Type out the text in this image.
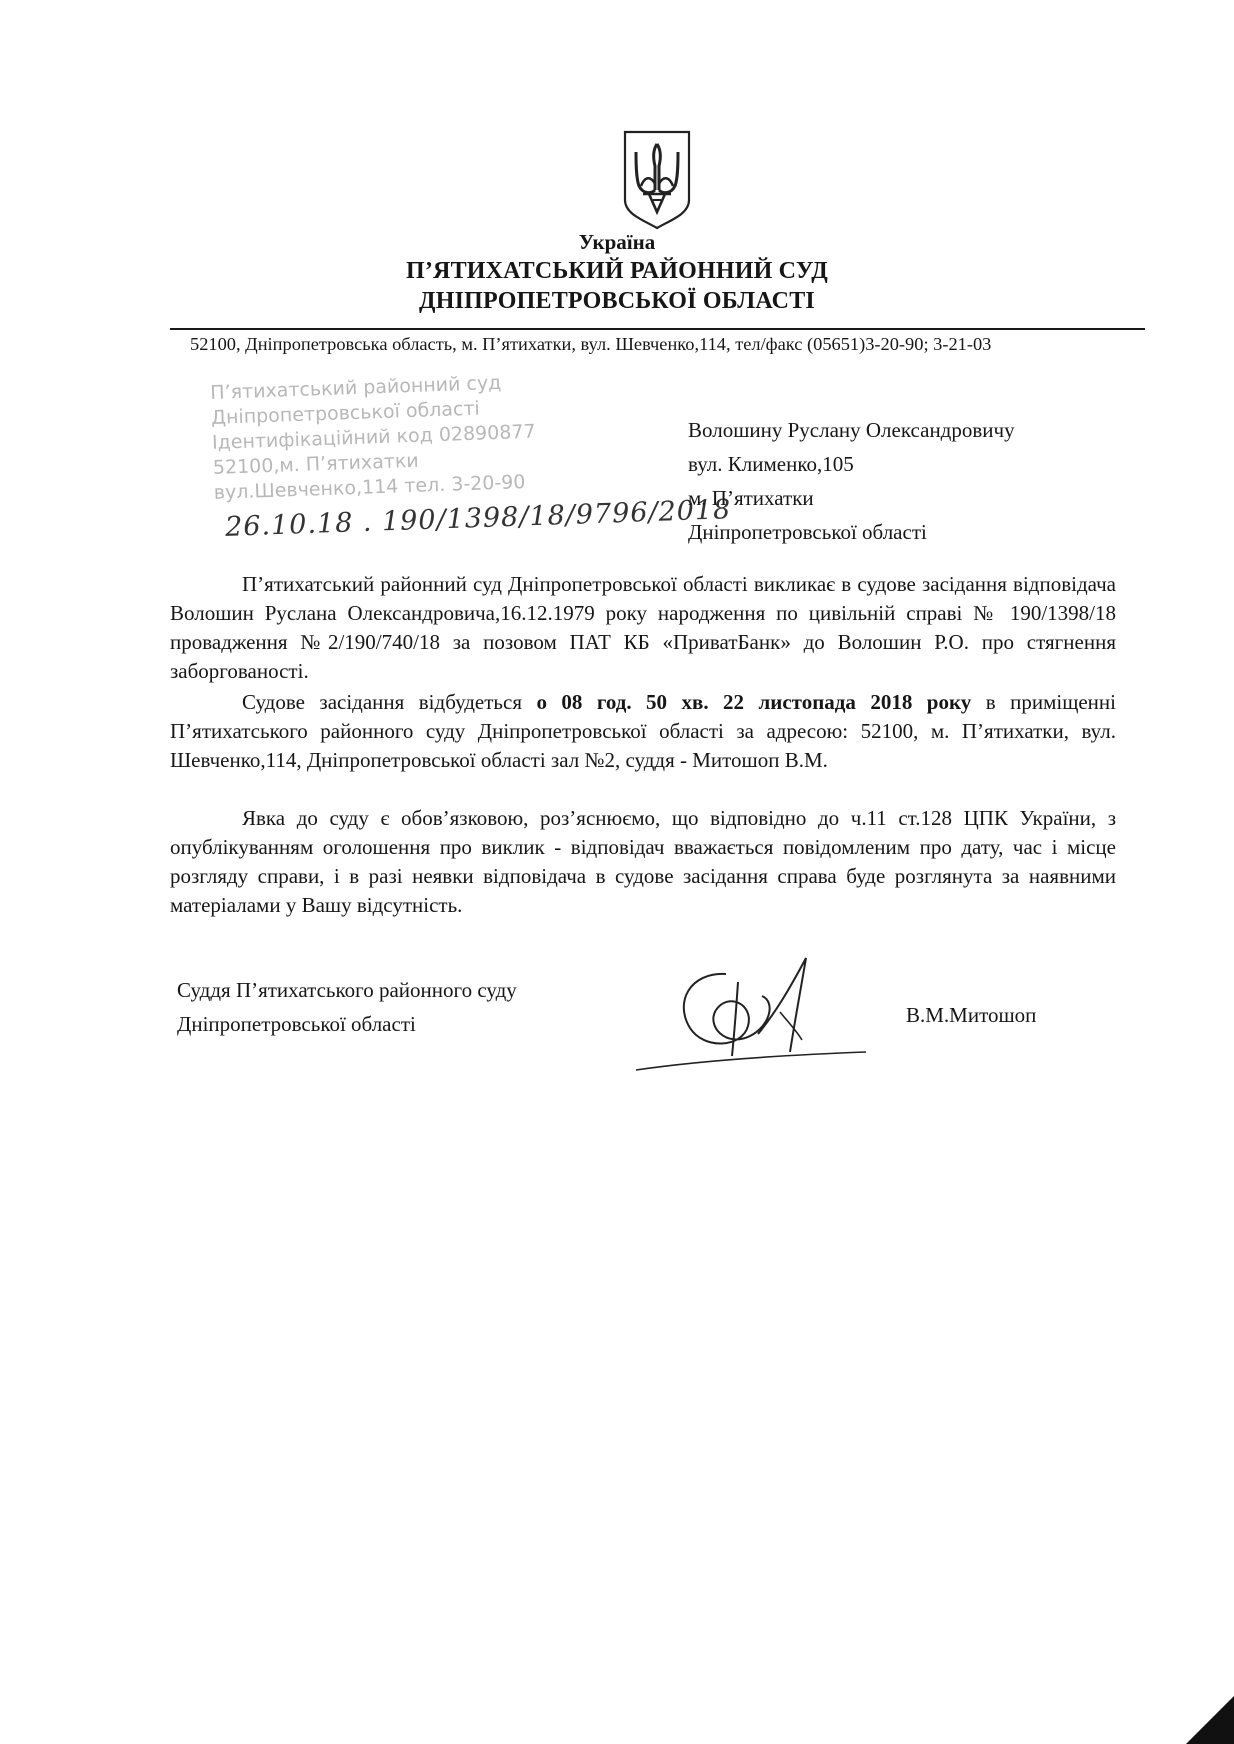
Україна
П’ЯТИХАТСЬКИЙ РАЙОННИЙ СУД
ДНІПРОПЕТРОВСЬКОЇ ОБЛАСТІ
52100, Дніпропетровська область, м. П’ятихатки, вул. Шевченко,114, тел/факс (05651)3-20-90; 3-21-03
П’ятихатський районний суд
Дніпропетровської області
Ідентифікаційний код 02890877
52100,м. П’ятихатки
вул.Шевченко,114 тел. 3-20-90
26.10.18 . 190/1398/18/9796/2018
Волошину Руслану Олександровичу
вул. Клименко,105
м. П’ятихатки
Дніпропетровської області

П’ятихатський районний суд Дніпропетровської області викликає в судове засідання відповідача Волошин Руслана Олександровича,16.12.1979 року народження по цивільній справі № 190/1398/18 провадження №2/190/740/18 за позовом ПАТ КБ «ПриватБанк» до Волошин Р.О. про стягнення заборгованості.

Судове засідання відбудеться о 08 год. 50 хв. 22 листопада 2018 року в приміщенні П’ятихатського районного суду Дніпропетровської області за адресою: 52100, м. П’ятихатки, вул. Шевченко,114, Дніпропетровської області зал №2, суддя - Митошоп В.М.

Явка до суду є обов’язковою, роз’яснюємо, що відповідно до ч.11 ст.128 ЦПК України, з опублікуванням оголошення про виклик - відповідач вважається повідомленим про дату, час і місце розгляду справи, і в разі неявки відповідача в судове засідання справа буде розглянута за наявними матеріалами у Вашу відсутність.

Суддя П’ятихатського районного суду
Дніпропетровської області	В.М.Митошоп
